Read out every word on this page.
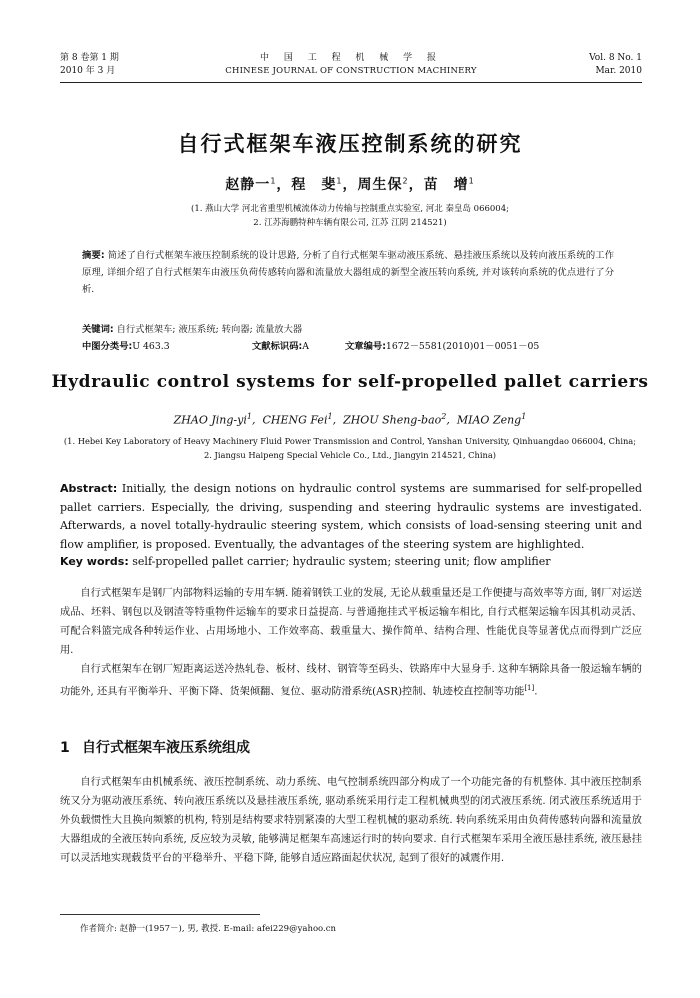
第 8 卷第 1 期
2010 年 3 月
中 国 工 程 机 械 学 报
CHINESE JOURNAL OF CONSTRUCTION MACHINERY
Vol. 8 No. 1
Mar. 2010
自行式框架车液压控制系统的研究
赵静一$^1$，程　斐$^1$，周生保$^2$，苗　增$^1$
(1. 燕山大学 河北省重型机械流体动力传输与控制重点实验室, 河北 秦皇岛 066004;
2. 江苏海鹏特种车辆有限公司, 江苏 江阴 214521)
摘要: 简述了自行式框架车液压控制系统的设计思路, 分析了自行式框架车驱动液压系统、悬挂液压系统以及转向液压系统的工作原理, 详细介绍了自行式框架车由液压负荷传感转向器和流量放大器组成的新型全液压转向系统, 并对该转向系统的优点进行了分析.
关键词: 自行式框架车; 液压系统; 转向器; 流量放大器
中图分类号:U 463.3	文献标识码:A	文章编号:1672－5581(2010)01－0051－05
Hydraulic control systems for self-propelled pallet carriers
ZHAO Jing-$yi^1$,  CHENG Fei$^1$,  ZHOU Sheng-bao$^2$,  MIAO Zeng$^1$
(1. Hebei Key Laboratory of Heavy Machinery Fluid Power Transmission and Control, Yanshan University, Qinhuangdao 066004, China;
2. Jiangsu Haipeng Special Vehicle Co., Ltd., Jiangyin 214521, China)
Abstract: Initially, the design notions on hydraulic control systems are summarised for self-propelled pallet carriers. Especially, the driving, suspending and steering hydraulic systems are investigated. Afterwards, a novel totally-hydraulic steering system, which consists of load-sensing steering unit and flow amplifier, is proposed. Eventually, the advantages of the steering system are highlighted.
Key words: self-propelled pallet carrier; hydraulic system; steering unit; flow amplifier
自行式框架车是钢厂内部物料运输的专用车辆. 随着钢铁工业的发展, 无论从载重量还是工作便捷与高效率等方面, 钢厂对运送成品、坯料、钢包以及钢渣等特重物件运输车的要求日益提高. 与普通拖挂式平板运输车相比, 自行式框架运输车因其机动灵活、可配合料篮完成各种转运作业、占用场地小、工作效率高、载重量大、操作简单、结构合理、性能优良等显著优点而得到广泛应用.
自行式框架车在钢厂短距离运送冷热轧卷、板材、线材、钢管等至码头、铁路库中大显身手. 这种车辆除具备一般运输车辆的功能外, 还具有平衡举升、平衡下降、货架倾翻、复位、驱动防滑系统(ASR)控制、轨迹校直控制等功能[1].
1 自行式框架车液压系统组成
自行式框架车由机械系统、液压控制系统、动力系统、电气控制系统四部分构成了一个功能完备的有机整体. 其中液压控制系统又分为驱动液压系统、转向液压系统以及悬挂液压系统, 驱动系统采用行走工程机械典型的闭式液压系统. 闭式液压系统适用于外负载惯性大且换向频繁的机构, 特别是结构要求特别紧凑的大型工程机械的驱动系统. 转向系统采用由负荷传感转向器和流量放大器组成的全液压转向系统, 反应较为灵敏, 能够满足框架车高速运行时的转向要求. 自行式框架车采用全液压悬挂系统, 液压悬挂可以灵活地实现载货平台的平稳举升、平稳下降, 能够自适应路面起伏状况, 起到了很好的减震作用.
作者简介: 赵静一(1957－), 男, 教授. E-mail: afei229@yahoo.cn
